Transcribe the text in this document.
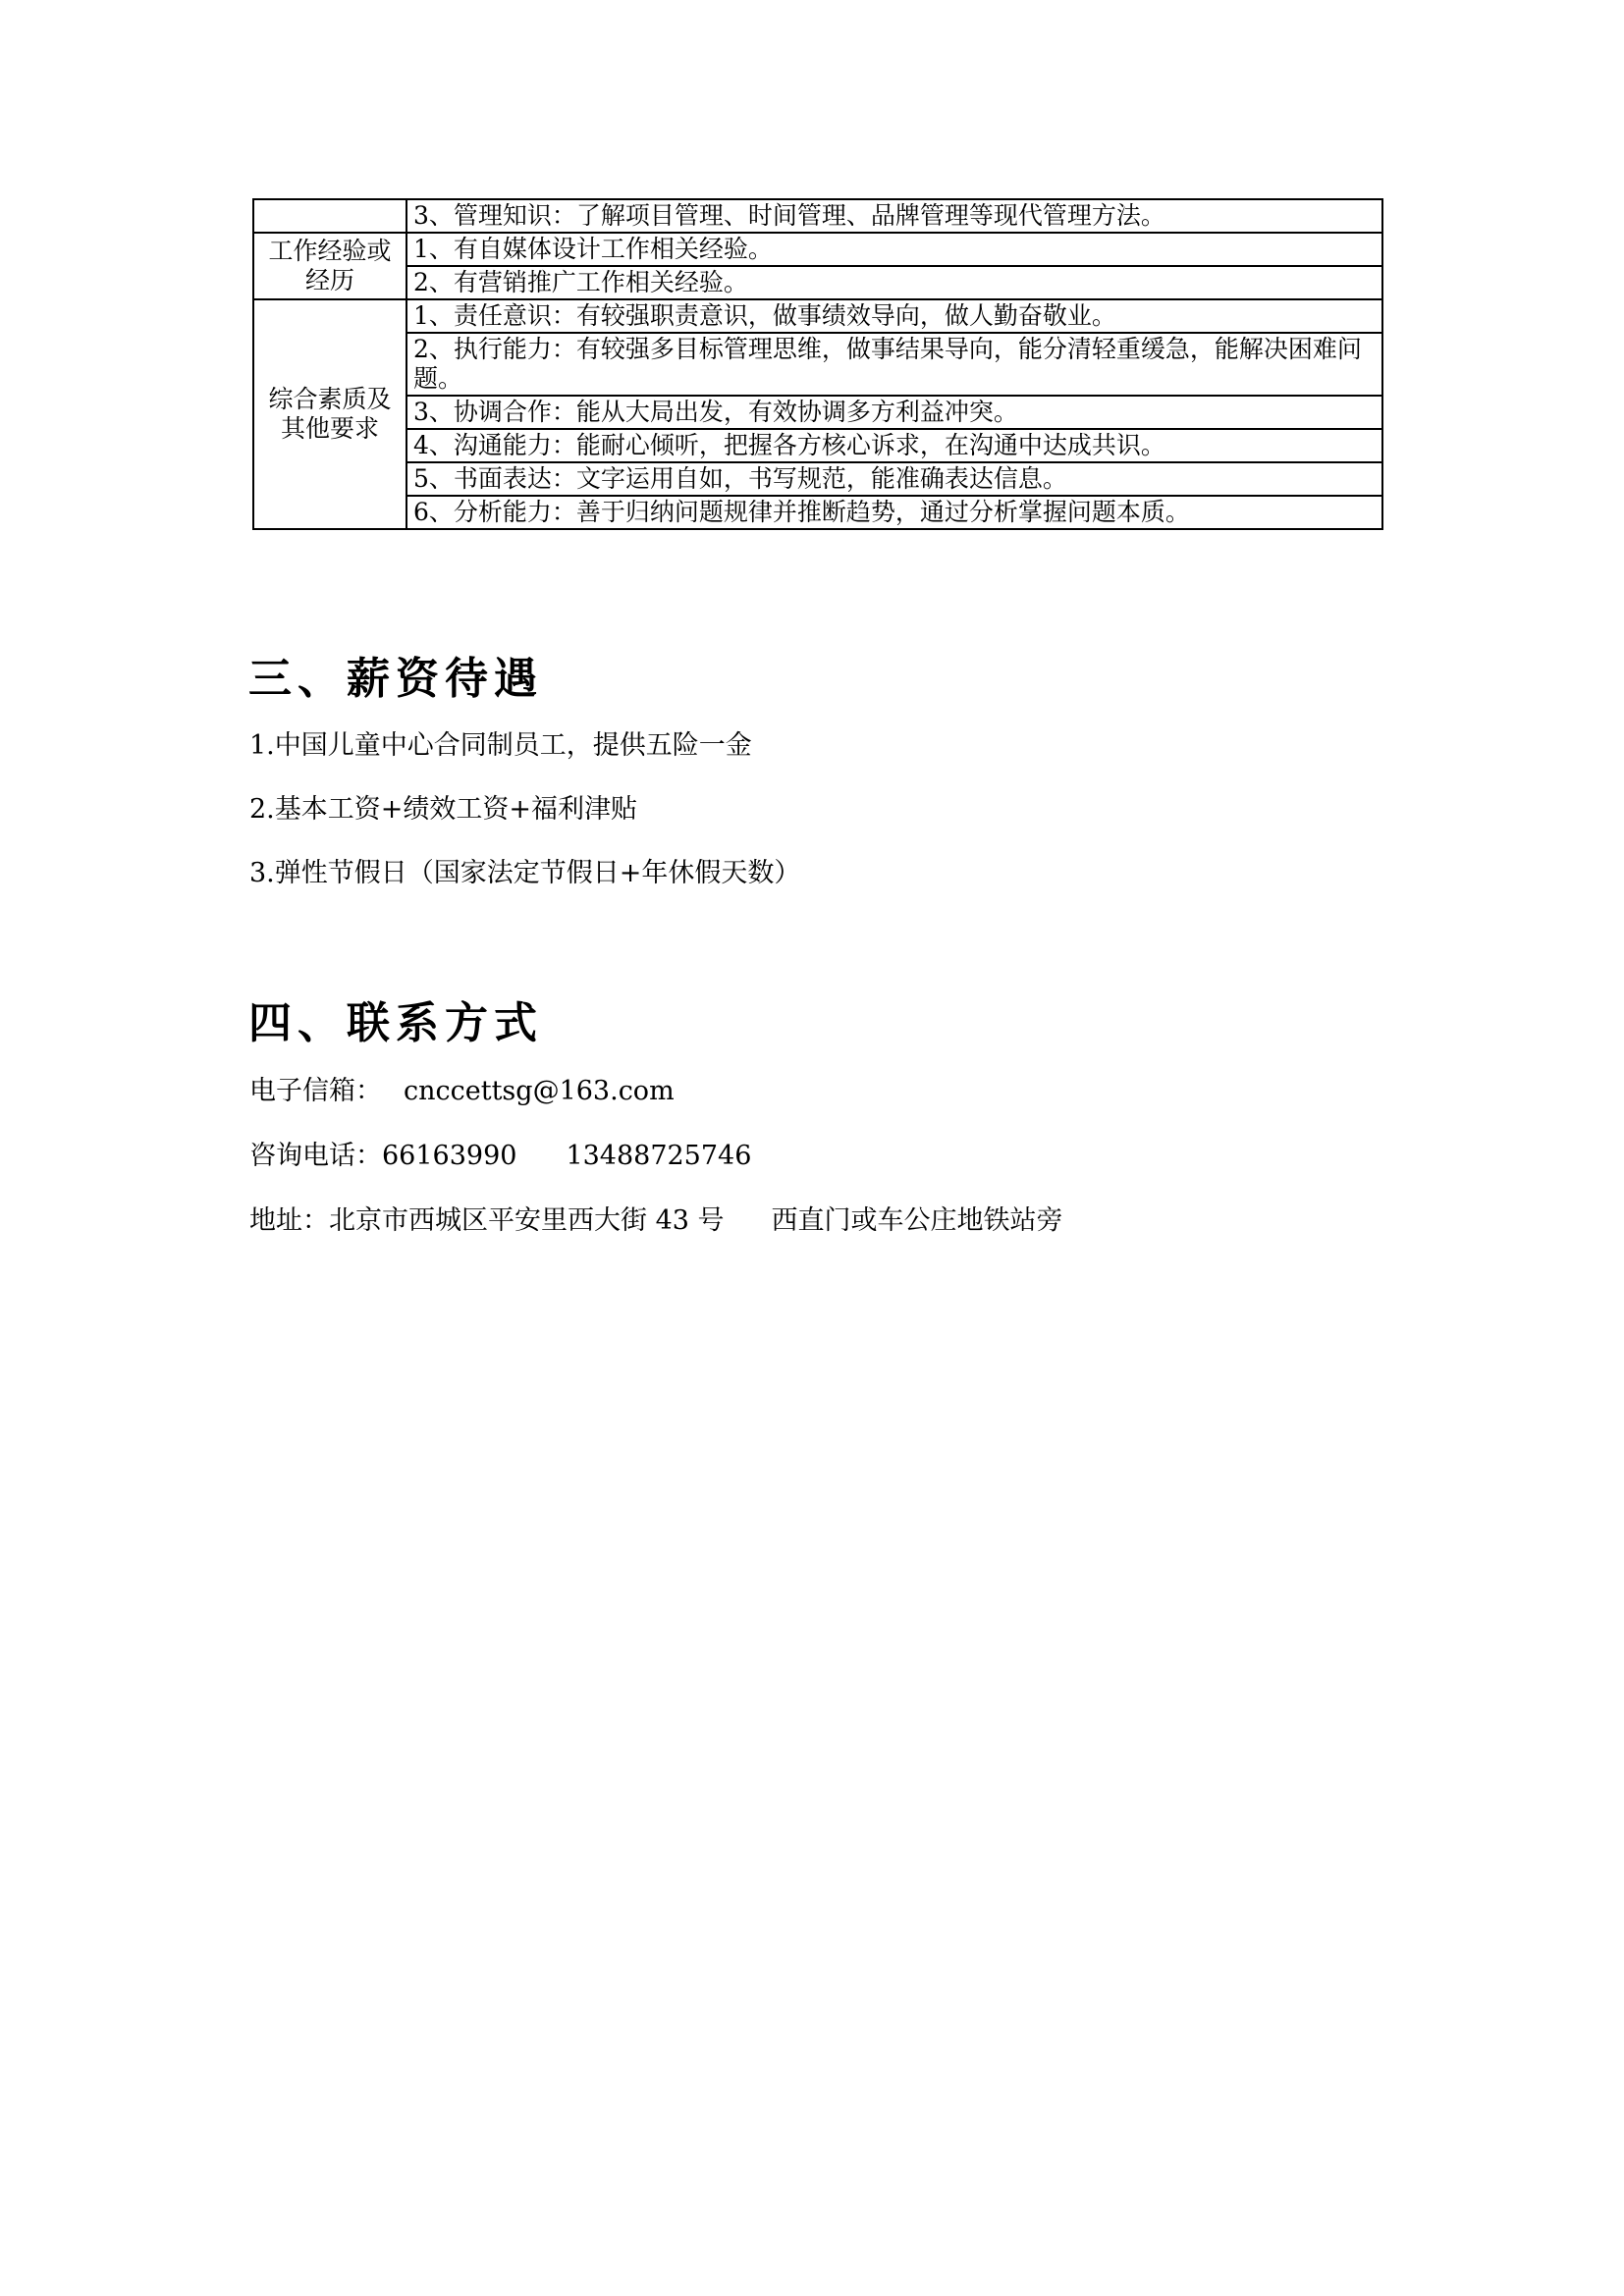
	3、管理知识：了解项目管理、时间管理、品牌管理等现代管理方法。
工作经验或经历	1、有自媒体设计工作相关经验。
	2、有营销推广工作相关经验。
综合素质及其他要求	1、责任意识：有较强职责意识，做事绩效导向，做人勤奋敬业。
	2、执行能力：有较强多目标管理思维，做事结果导向，能分清轻重缓急，能解决困难问题。
	3、协调合作：能从大局出发，有效协调多方利益冲突。
	4、沟通能力：能耐心倾听，把握各方核心诉求，在沟通中达成共识。
	5、书面表达：文字运用自如，书写规范，能准确表达信息。
	6、分析能力：善于归纳问题规律并推断趋势，通过分析掌握问题本质。
三、薪资待遇
1.中国儿童中心合同制员工，提供五险一金
2.基本工资+绩效工资+福利津贴
3.弹性节假日（国家法定节假日+年休假天数）
四、联系方式
电子信箱： cnccettsg@163.com
咨询电话：66163990 13488725746
地址：北京市西城区平安里西大街 43 号 西直门或车公庄地铁站旁
